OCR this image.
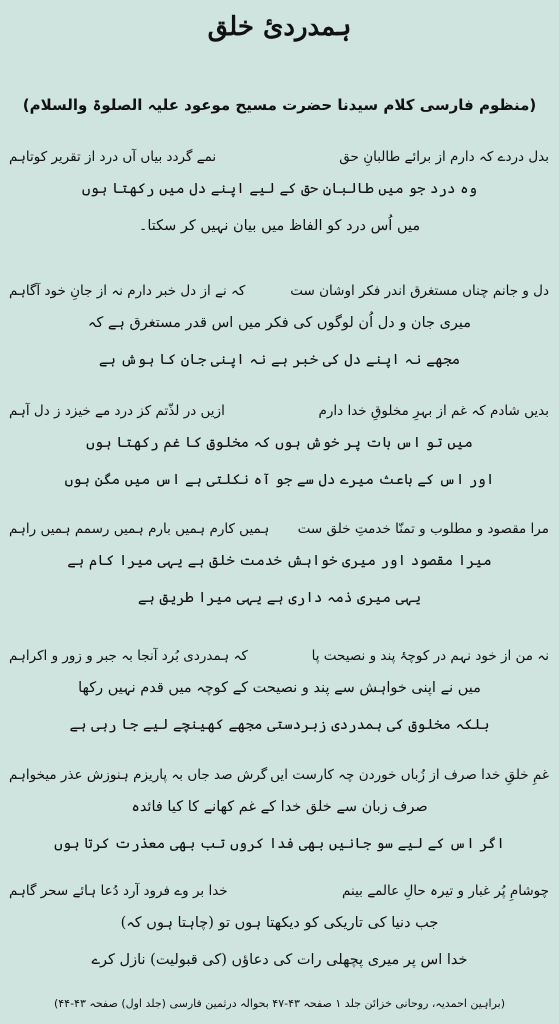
ہمدردئ خلق
(منظوم فارسی کلام سیدنا حضرت مسیح موعود علیہ الصلوۃ والسلام)
بدل دردے کہ دارم از برائے طالبانِ حق
نمے گردد بیاں آں درد از تقریر کوتاہم
وہ درد جو میں طالبانِ حق کے لیے اپنے دل میں رکھتا ہوں
میں اُس درد کو الفاظ میں بیان نہیں کر سکتا۔
دل و جانم چناں مستغرق اندر فکر اوشان ست
کہ نے از دل خبر دارم نہ از جانِ خود آگاہم
میری جان و دل اُن لوگوں کی فکر میں اس قدر مستغرق ہے کہ
مجھے نہ اپنے دل کی خبر ہے نہ اپنی جان کا ہوش ہے
بدیں شادم کہ غم از بہرِ مخلوقِ خدا دارم
ازیں در لذّتم کز درد مے خیزد ز دل آہم
میں تو اس بات پر خوش ہوں کہ مخلوق کا غم رکھتا ہوں
اور اس کے باعث میرے دل سے جو آہ نکلتی ہے اس میں مگن ہوں
مرا مقصود و مطلوب و تمنّا خدمتِ خلق ست
ہمیں کارم ہمیں بارم ہمیں رسمم ہمیں راہم
میرا مقصود اور میری خواہش خدمت خلق ہے یہی میرا کام ہے
یہی میری ذمہ داری ہے یہی میرا طریق ہے
نہ من از خود نہم در کوچۂ پند و نصیحت پا
کہ ہمدردی بُرد آنجا بہ جبر و زور و اکراہم
میں نے اپنی خواہش سے پند و نصیحت کے کوچہ میں قدم نہیں رکھا
بلکہ مخلوق کی ہمدردی زبردستی مجھے کھینچے لیے جا رہی ہے
غمِ خلقِ خدا صرف از زُباں خوردن چہ کارست ایں
گرش صد جاں بہ پاریزم ہنوزش عذر میخواہم
صرف زبان سے خلق خدا کے غم کھانے کا کیا فائدہ
اگر اس کے لیے سو جانیں بھی فدا کروں تب بھی معذرت کرتا ہوں
چوشامِ پُر غبار و تیرہ حالِ عالمے بینم
خدا بر وے فرود آرد دُعا ہائے سحر گاہم
جب دنیا کی تاریکی کو دیکھتا ہوں تو (چاہتا ہوں کہ)
خدا اس پر میری پچھلی رات کی دعاؤں (کی قبولیت) نازل کرے
(براہین احمدیہ، روحانی خزائن جلد ۱ صفحہ ۴۳-۴۷ بحوالہ درثمین فارسی (جلد اول) صفحہ ۴۳-۴۴)
